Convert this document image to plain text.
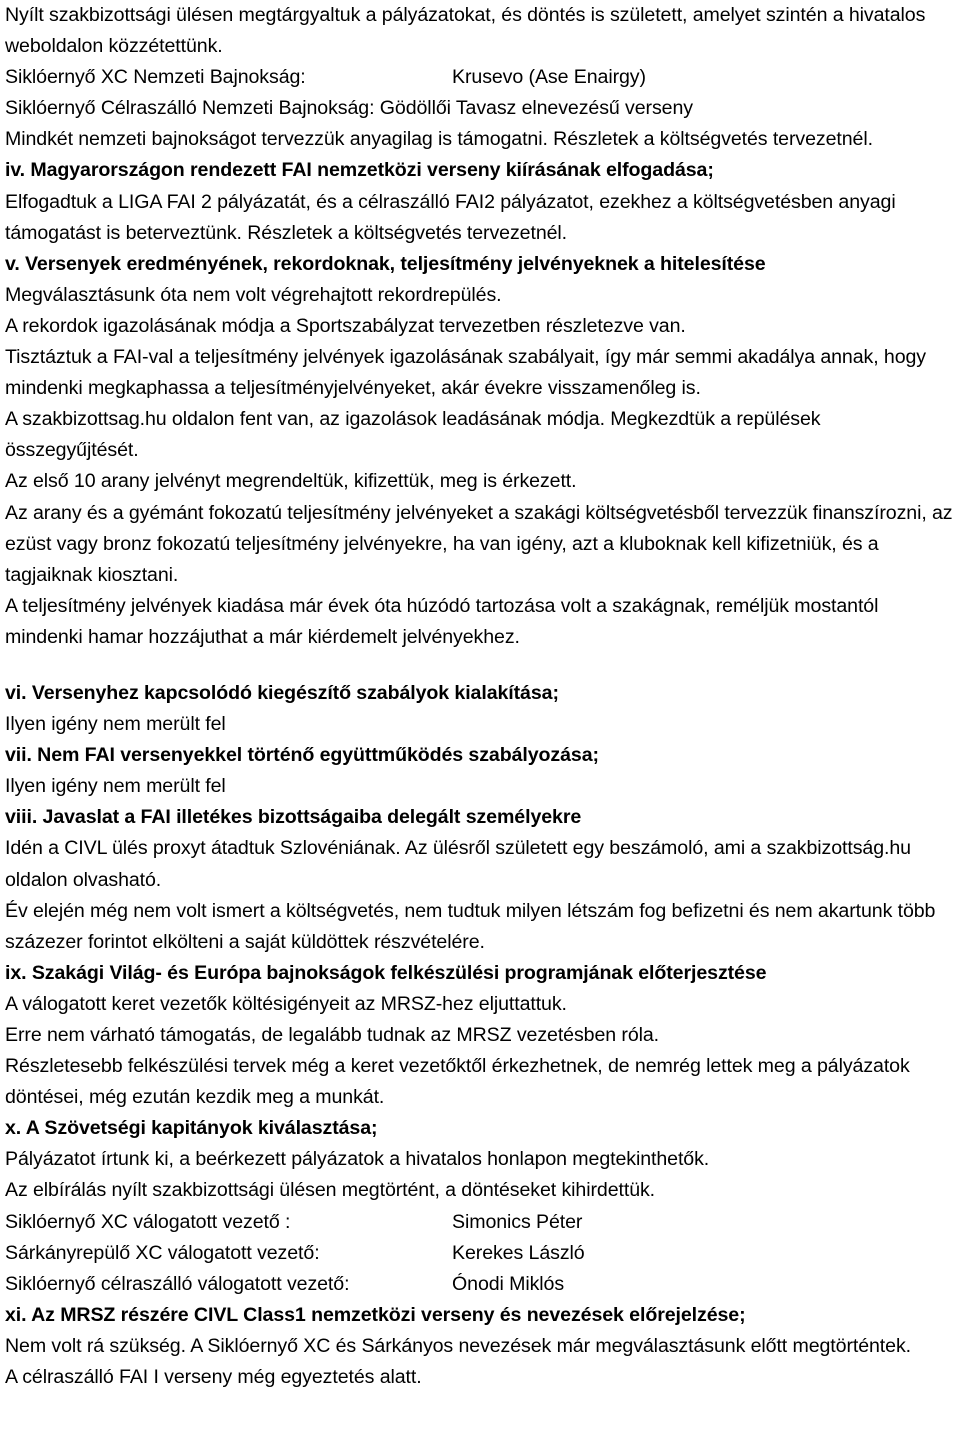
Nyílt szakbizottsági ülésen megtárgyaltuk a pályázatokat, és döntés is született, amelyet szintén a hivatalos weboldalon közzétettünk.

Siklóernyő XC Nemzeti Bajnokság:	Krusevo (Ase Enairgy)

Siklóernyő Célraszálló Nemzeti Bajnokság: Gödöllői Tavasz elnevezésű verseny

Mindkét nemzeti bajnokságot tervezzük anyagilag is támogatni. Részletek a költségvetés tervezetnél.

iv. Magyarországon rendezett FAI nemzetközi verseny kiírásának elfogadása;

Elfogadtuk a LIGA FAI 2 pályázatát, és a célraszálló FAI2 pályázatot, ezekhez a költségvetésben anyagi támogatást is beterveztünk. Részletek a költségvetés tervezetnél.

v. Versenyek eredményének, rekordoknak, teljesítmény jelvényeknek a hitelesítése

Megválasztásunk óta nem volt végrehajtott rekordrepülés.

A rekordok igazolásának módja a Sportszabályzat tervezetben részletezve van.

Tisztáztuk a FAI-val a teljesítmény jelvények igazolásának szabályait, így már semmi akadálya annak, hogy mindenki megkaphassa a teljesítményjelvényeket, akár évekre visszamenőleg is.

A szakbizottsag.hu oldalon fent van, az igazolások leadásának módja. Megkezdtük a repülések összegyűjtését.

Az első 10 arany jelvényt megrendeltük, kifizettük, meg is érkezett.

Az arany és a gyémánt fokozatú teljesítmény jelvényeket a szakági költségvetésből tervezzük finanszírozni, az ezüst vagy bronz fokozatú teljesítmény jelvényekre, ha van igény, azt a kluboknak kell kifizetniük, és a tagjaiknak kiosztani.

A teljesítmény jelvények kiadása már évek óta húzódó tartozása volt a szakágnak, reméljük mostantól mindenki hamar hozzájuthat a már kiérdemelt jelvényekhez.

vi. Versenyhez kapcsolódó kiegészítő szabályok kialakítása;

Ilyen igény nem merült fel

vii. Nem FAI versenyekkel történő együttműködés szabályozása;

Ilyen igény nem merült fel

viii. Javaslat a FAI illetékes bizottságaiba delegált személyekre

Idén a CIVL ülés proxyt átadtuk Szlovéniának. Az ülésről született egy beszámoló, ami a szakbizottság.hu oldalon olvasható.

Év elején még nem volt ismert a költségvetés, nem tudtuk milyen létszám fog befizetni és nem akartunk több százezer forintot elkölteni a saját küldöttek részvételére.

ix. Szakági Világ- és Európa bajnokságok felkészülési programjának előterjesztése

A válogatott keret vezetők költésigényeit az MRSZ-hez eljuttattuk.

Erre nem várható támogatás, de legalább tudnak az MRSZ vezetésben róla.

Részletesebb felkészülési tervek még a keret vezetőktől érkezhetnek, de nemrég lettek meg a pályázatok döntései, még ezután kezdik meg a munkát.

x. A Szövetségi kapitányok kiválasztása;

Pályázatot írtunk ki, a beérkezett pályázatok a hivatalos honlapon megtekinthetők.

Az elbírálás nyílt szakbizottsági ülésen megtörtént, a döntéseket kihirdettük.

Siklóernyő XC válogatott vezető :	Simonics Péter
Sárkányrepülő XC válogatott vezető:	Kerekes László
Siklóernyő célraszálló válogatott vezető:	Ónodi Miklós

xi. Az MRSZ részére CIVL Class1 nemzetközi verseny és nevezések előrejelzése;

Nem volt rá szükség. A Siklóernyő XC és Sárkányos nevezések már megválasztásunk előtt megtörténtek.

A célraszálló FAI I verseny még egyeztetés alatt.
